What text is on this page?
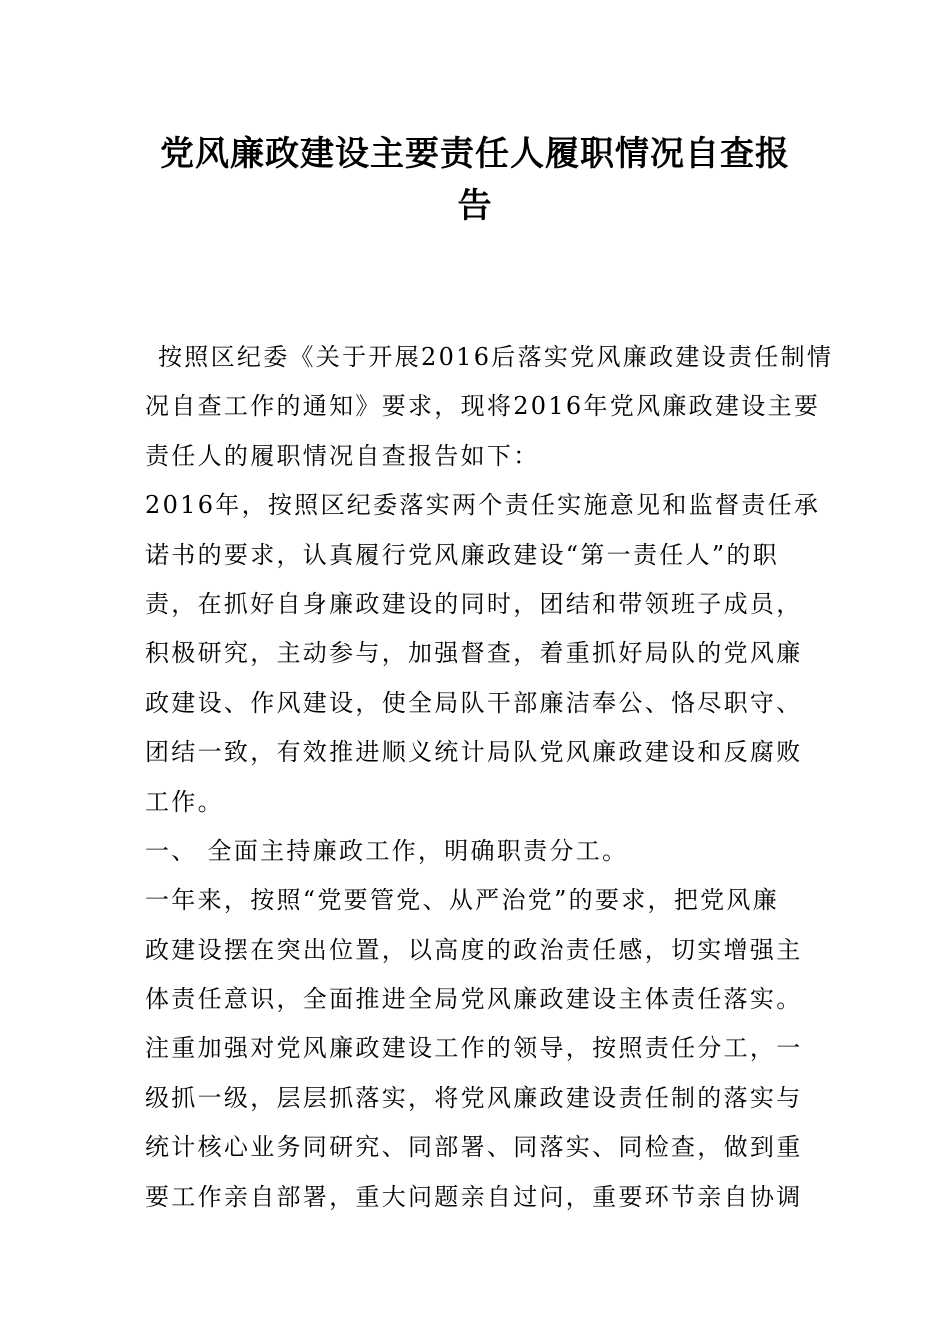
党风廉政建设主要责任人履职情况自查报
告
按照区纪委《关于开展2016后落实党风廉政建设责任制情
况自查工作的通知》要求，现将2016年党风廉政建设主要
责任人的履职情况自查报告如下：
2016年，按照区纪委落实两个责任实施意见和监督责任承
诺书的要求，认真履行党风廉政建设“第一责任人”的职
责，在抓好自身廉政建设的同时，团结和带领班子成员，
积极研究，主动参与，加强督查，着重抓好局队的党风廉
政建设、作风建设，使全局队干部廉洁奉公、恪尽职守、
团结一致，有效推进顺义统计局队党风廉政建设和反腐败
工作。
一、 全面主持廉政工作，明确职责分工。
一年来，按照“党要管党、从严治党”的要求，把党风廉
政建设摆在突出位置，以高度的政治责任感，切实增强主
体责任意识，全面推进全局党风廉政建设主体责任落实。
注重加强对党风廉政建设工作的领导，按照责任分工，一
级抓一级，层层抓落实，将党风廉政建设责任制的落实与
统计核心业务同研究、同部署、同落实、同检查，做到重
要工作亲自部署，重大问题亲自过问，重要环节亲自协调
